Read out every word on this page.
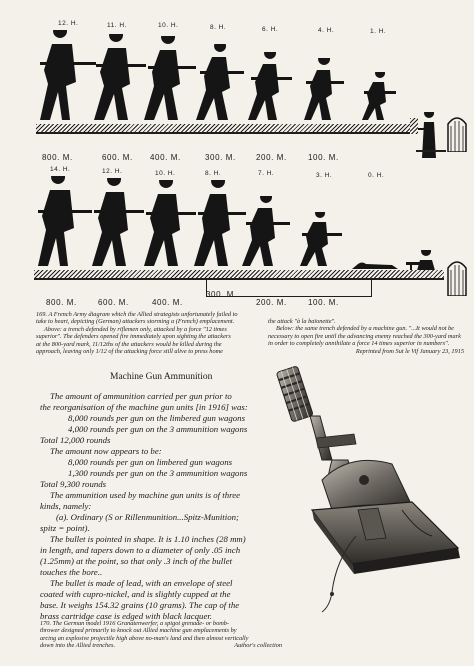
12. H.	11. H.	10. H.	8. H.	6. H.	4. H.	1. H.
800. M.	600. M. 400. M.	300. M.	200. M.	100. M.
14. H.	12. H.	10. H.	8. H.	7. H.	3. H.	0. H.
800. M.	600. M.	400. M.
300. M.
200. M.	100. M.
169. A French Army diagram which the Allied strategists unfortunately failed to
take to heart, depicting (German) attackers storming a (French) emplacement.
Above: a trench defended by riflemen only, attacked by a force "12 times
superior". The defenders opened fire immediately upon sighting the attackers
at the 800-yard mark, 11/12ths of the attackers would be killed during the
approach, leaving only 1/12 of the attacking force still alive to press home
the attack "à la baïonette".
Below: the same trench defended by a machine gun. "...It would not be
necessary to open fire until the advancing enemy reached the 300-yard mark
in order to completely annihilate a force 14 times superior in numbers".
Reprinted from Sut le Vif January 23, 1915
Machine Gun Ammunition

The amount of ammunition carried per gun prior to

the reorganisation of the machine gun units [in 1916] was:

8,000 rounds per gun on the limbered gun wagons

4,000 rounds per gun on the 3 ammunition wagons

Total 12,000 rounds

The amount now appears to be:

8,000 rounds per gun on limbered gun wagons

1,300 rounds per gun on the 3 ammunition wagons

Total 9,300 rounds

The ammunition used by machine gun units is of three

kinds, namely:

(a). Ordinary (S or Rillenmunition...Spitz-Munition;

spitz = point).

The bullet is pointed in shape. It is 1.10 inches (28 mm)

in length, and tapers down to a diameter of only .05 inch

(1.25mm) at the point, so that only .3 inch of the bullet

touches the bore..

The bullet is made of lead, with an envelope of steel

coated with cupro-nickel, and is slightly cupped at the

base. It weighs 154.32 grains (10 grams). The cap of the

brass cartridge case is edged with black lacquer.

170. The German model 1916 Granatenwerfer, a spigot grenade- or bomb-
thrower designed primarily to knock out Allied machine gun emplacements by
arcing an explosive projectile high above no-man's land and then almost vertically
down into the Allied trenches.	Author's collection
